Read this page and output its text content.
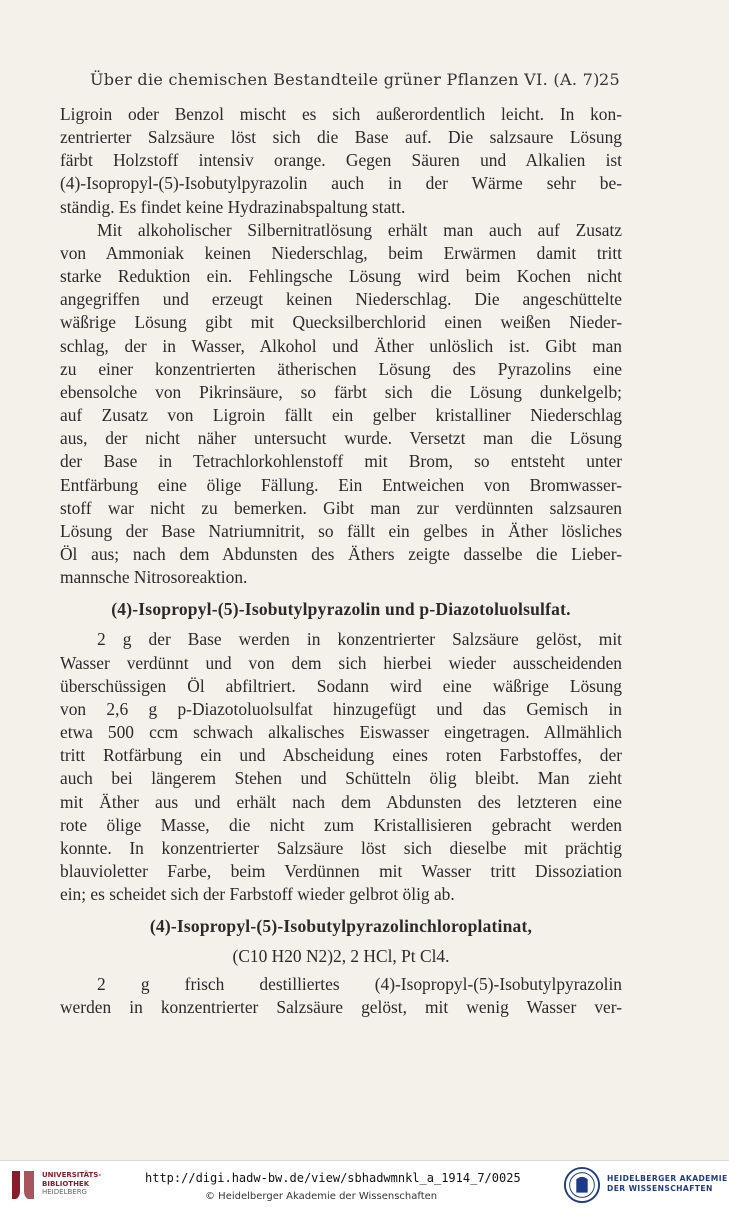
Über die chemischen Bestandteile grüner Pflanzen VI. (A. 7) 25

Ligroin oder Benzol mischt es sich außerordentlich leicht. In kon-
zentrierter Salzsäure löst sich die Base auf. Die salzsaure Lösung
färbt Holzstoff intensiv orange. Gegen Säuren und Alkalien ist
(4)-Isopropyl-(5)-Isobutylpyrazolin auch in der Wärme sehr be-
ständig. Es findet keine Hydrazinabspaltung statt.

Mit alkoholischer Silbernitratlösung erhält man auch auf Zusatz
von Ammoniak keinen Niederschlag, beim Erwärmen damit tritt
starke Reduktion ein. Fehlingsche Lösung wird beim Kochen nicht
angegriffen und erzeugt keinen Niederschlag. Die angeschüttelte
wäßrige Lösung gibt mit Quecksilberchlorid einen weißen Nieder-
schlag, der in Wasser, Alkohol und Äther unlöslich ist. Gibt man
zu einer konzentrierten ätherischen Lösung des Pyrazolins eine
ebensolche von Pikrinsäure, so färbt sich die Lösung dunkelgelb;
auf Zusatz von Ligroin fällt ein gelber kristalliner Niederschlag
aus, der nicht näher untersucht wurde. Versetzt man die Lösung
der Base in Tetrachlorkohlenstoff mit Brom, so entsteht unter
Entfärbung eine ölige Fällung. Ein Entweichen von Bromwasser-
stoff war nicht zu bemerken. Gibt man zur verdünnten salzsauren
Lösung der Base Natriumnitrit, so fällt ein gelbes in Äther lösliches
Öl aus; nach dem Abdunsten des Äthers zeigte dasselbe die Lieber-
mannsche Nitrosoreaktion.

(4)-Isopropyl-(5)-Isobutylpyrazolin und p-Diazotoluolsulfat.

2 g der Base werden in konzentrierter Salzsäure gelöst, mit
Wasser verdünnt und von dem sich hierbei wieder ausscheidenden
überschüssigen Öl abfiltriert. Sodann wird eine wäßrige Lösung
von 2,6 g p-Diazotoluolsulfat hinzugefügt und das Gemisch in
etwa 500 ccm schwach alkalisches Eiswasser eingetragen. Allmählich
tritt Rotfärbung ein und Abscheidung eines roten Farbstoffes, der
auch bei längerem Stehen und Schütteln ölig bleibt. Man zieht
mit Äther aus und erhält nach dem Abdunsten des letzteren eine
rote ölige Masse, die nicht zum Kristallisieren gebracht werden
konnte. In konzentrierter Salzsäure löst sich dieselbe mit prächtig
blauvioletter Farbe, beim Verdünnen mit Wasser tritt Dissoziation
ein; es scheidet sich der Farbstoff wieder gelbrot ölig ab.

(4)-Isopropyl-(5)-Isobutylpyrazolinchloroplatinat,
(C10 H20 N2)2, 2 HCl, Pt Cl4.

2 g frisch destilliertes (4)-Isopropyl-(5)-Isobutylpyrazolin
werden in konzentrierter Salzsäure gelöst, mit wenig Wasser ver-

UNIVERSITÄTS-
BIBLIOTHEK
HEIDELBERG
http://digi.hadw-bw.de/view/sbhadwmnkl_a_1914_7/0025
© Heidelberger Akademie der Wissenschaften
HEIDELBERGER AKADEMIE
DER WISSENSCHAFTEN
